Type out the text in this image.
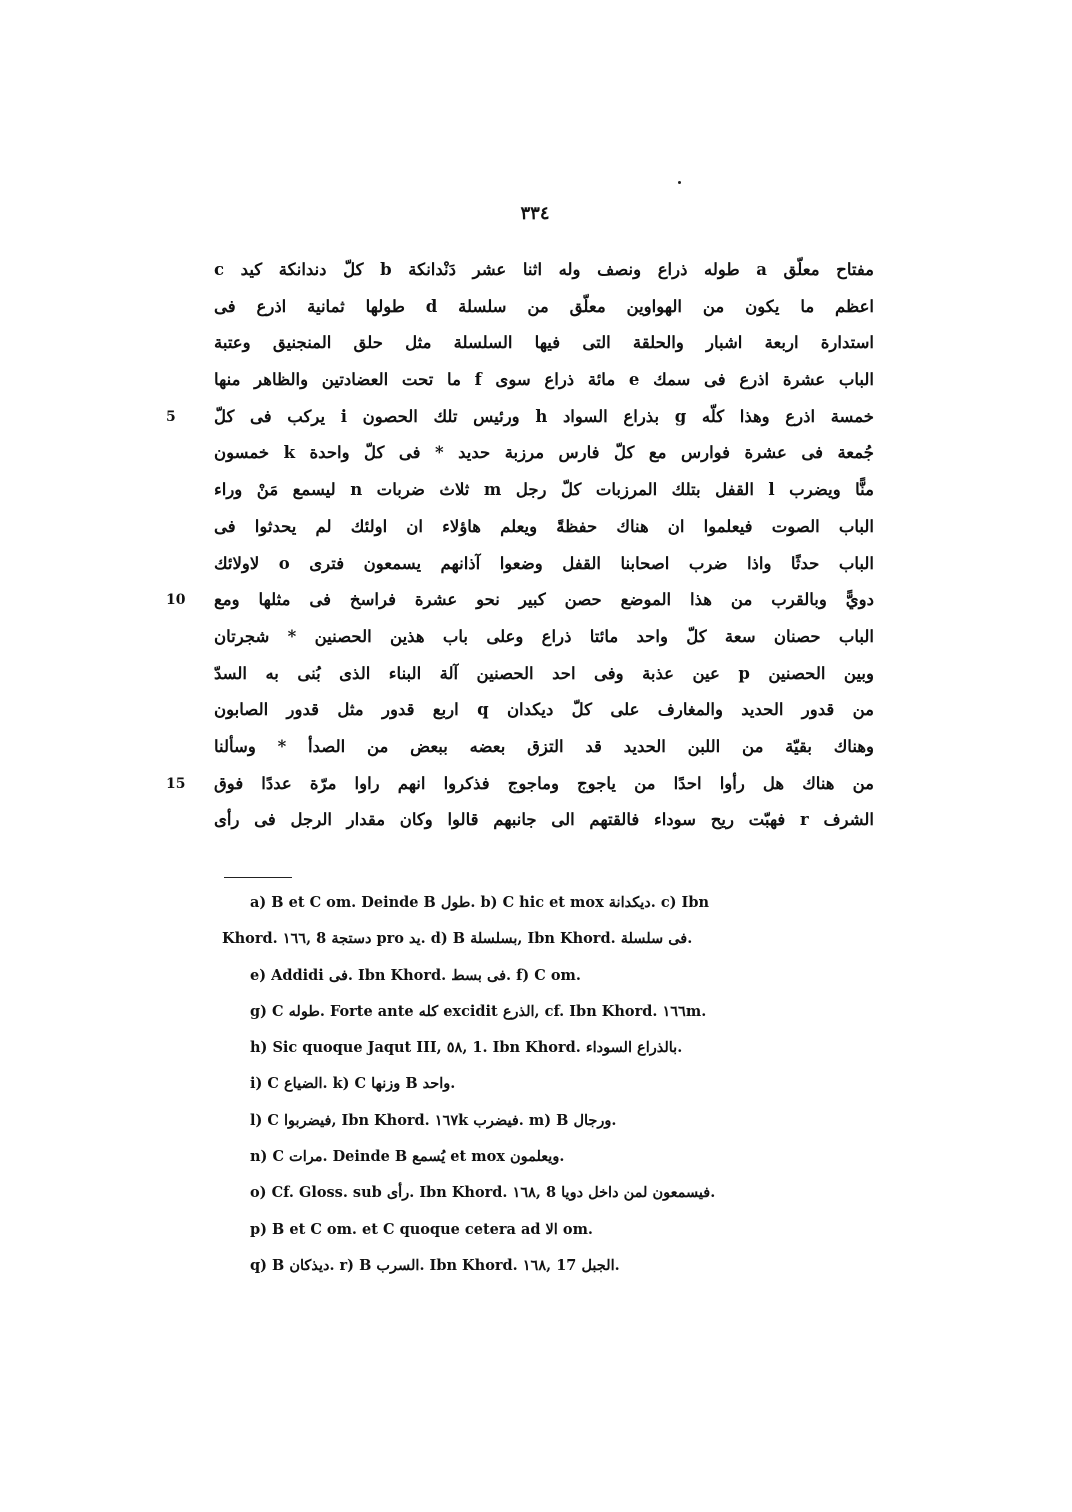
٣٣٤
مفتاح معلّق a طوله ذراع ونصف وله اثنا عشر دَنْدانكة b كلّ دندانكة كيد c
اعظم ما يكون من الهواوين معلّق من سلسلة d طولها ثمانية اذرع فى
استدارة اربعة اشبار والحلقة التى فيها السلسلة مثل حلق المنجنيق وعتبة
الباب عشرة اذرع فى سمك e مائة ذراع سوى f ما تحت العضادتين والظاهر منها
5	خمسة اذرع وهذا كلّه g بذراع السواد h ورئيس تلك الحصون i يركب فى كلّ
جُمعة فى عشرة فوارس مع كلّ فارس مرزبة حديد * فى كلّ واحدة k خمسون
منًّا ويضرب l القفل بتلك المرزبات كلّ رجل m ثلاث ضربات n ليسمع مَنْ وراء
الباب الصوت فيعلموا ان هناك حفظةً ويعلم هاؤلاء ان اولئك لم يحدثوا فى
الباب حدثًا واذا ضرب اصحابنا القفل وضعوا آذانهم يسمعون فترى o لاولائك
10	دويًّ وبالقرب من هذا الموضع حصن كبير نحو عشرة فراسخ فى مثلها ومع
الباب حصنان سعة كلّ واحد مائتا ذراع وعلى باب هذين الحصنين * شجرتان
وبين الحصنين p عين عذبة وفى احد الحصنين آلة البناء الذى بُنى به السدّ
من قدور الحديد والمغارف على كلّ ديكدان q اربع قدور مثل قدور الصابون
وهناك بقيّة من اللبن الحديد قد التزق بعضه ببعض من الصدأ * وسألنا
15	من هناك هل رأوا احدًا من ياجوج وماجوج فذكروا انهم راوا مرّة عددًا فوق
الشرف r فهبّت ريح سوداء فالقتهم الى جانبهم قالوا وكان مقدار الرجل فى رأى
a) B et C om. Deinde B طول. b) C hic et mox ديكدانة. c) Ibn
Khord. ١٦٦, 8 دستجة pro يد. d) B بسلسلة, Ibn Khord. فى سلسلة.
e) Addidi فى. Ibn Khord. فى بسط. f) C om.
g) C طوله. Forte ante كله excidit الذرع, cf. Ibn Khord. ١٦٦m.
h) Sic quoque Jaqut III, ٥٨, 1. Ibn Khord. بالذراع السوداء.
i) C الضياع. k) C وزنها B واحد.
l) C فيضربوا, Ibn Khord. ١٦٧k فيضرب. m) B ورجال.
n) C مرات. Deinde B يُسمع et mox ويعلمون.
o) Cf. Gloss. sub رأى. Ibn Khord. ١٦٨, 8 فيسمعون لمن داخل دويا.
p) B et C om. et C quoque cetera ad الا om.
q) B ديذكان. r) B السرب. Ibn Khord. ١٦٨, 17 الجبل.
